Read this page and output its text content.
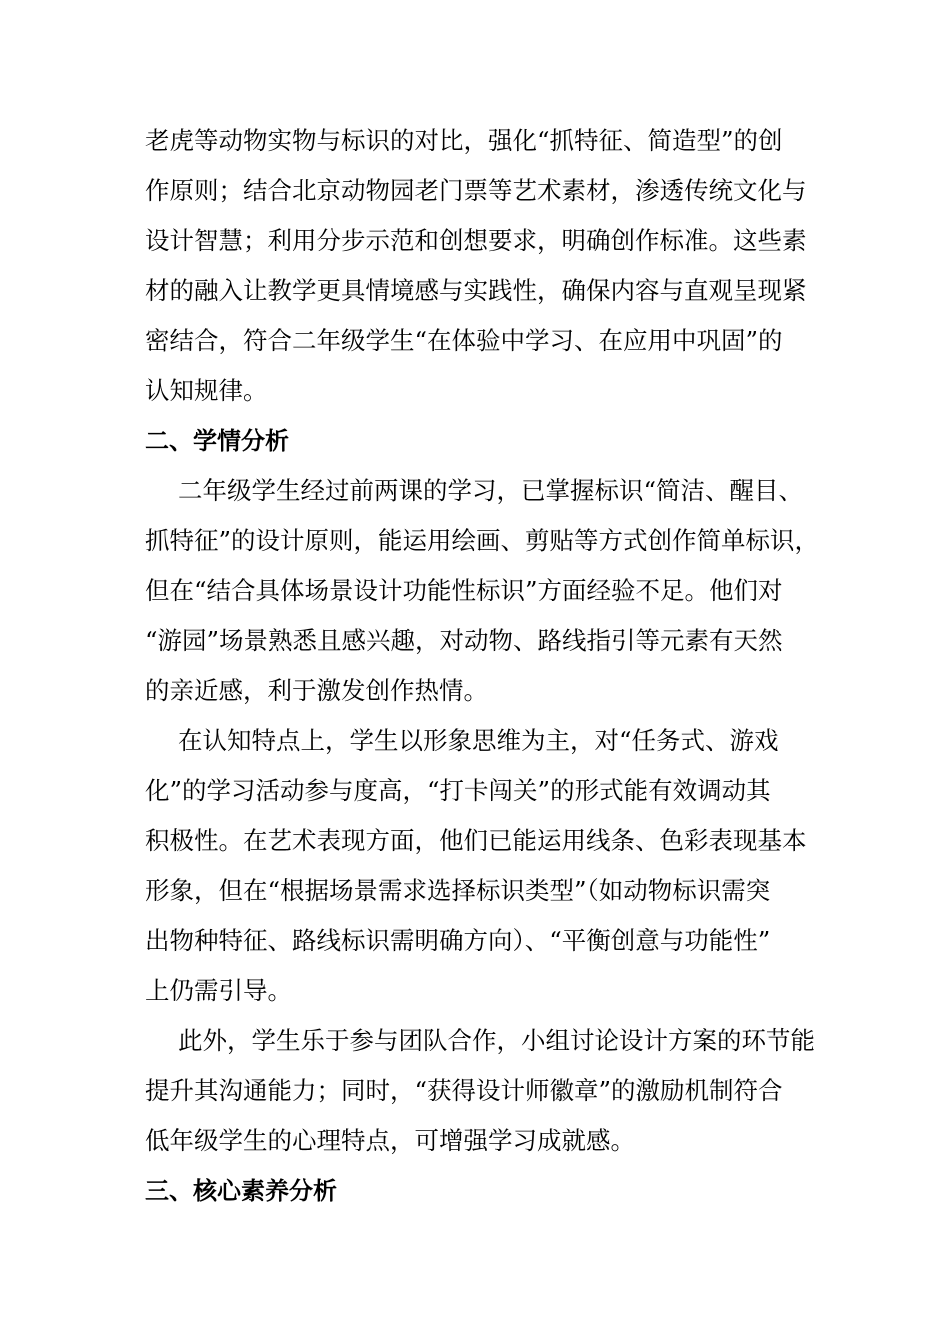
老虎等动物实物与标识的对比，强化“抓特征、简造型”的创
作原则；结合北京动物园老门票等艺术素材，渗透传统文化与
设计智慧；利用分步示范和创想要求，明确创作标准。这些素
材的融入让教学更具情境感与实践性，确保内容与直观呈现紧
密结合，符合二年级学生“在体验中学习、在应用中巩固”的
认知规律。
二、学情分析
二年级学生经过前两课的学习，已掌握标识“简洁、醒目、
抓特征”的设计原则，能运用绘画、剪贴等方式创作简单标识，
但在“结合具体场景设计功能性标识”方面经验不足。他们对
“游园”场景熟悉且感兴趣，对动物、路线指引等元素有天然
的亲近感，利于激发创作热情。
在认知特点上，学生以形象思维为主，对“任务式、游戏
化”的学习活动参与度高，“打卡闯关”的形式能有效调动其
积极性。在艺术表现方面，他们已能运用线条、色彩表现基本
形象，但在“根据场景需求选择标识类型”（如动物标识需突
出物种特征、路线标识需明确方向）、“平衡创意与功能性”
上仍需引导。
此外，学生乐于参与团队合作，小组讨论设计方案的环节能
提升其沟通能力；同时，“获得设计师徽章”的激励机制符合
低年级学生的心理特点，可增强学习成就感。
三、核心素养分析
